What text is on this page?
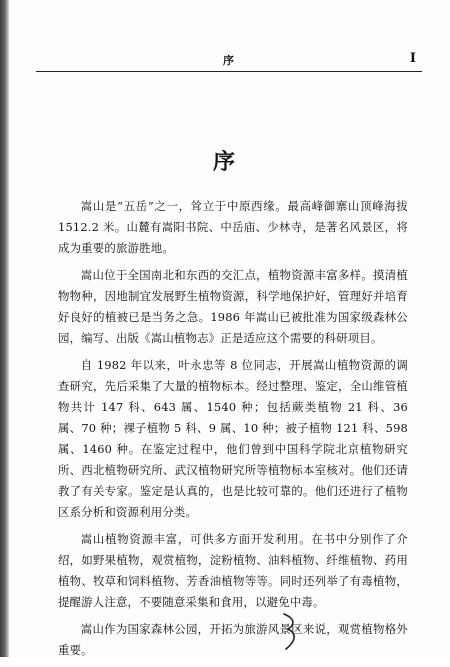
序	I
序

嵩山是“五岳”之一，耸立于中原西缘。最高峰御寨山顶峰海拔 1512.2 米。山麓有嵩阳书院、中岳庙、少林寺，是著名风景区，将成为重要的旅游胜地。

嵩山位于全国南北和东西的交汇点，植物资源丰富多样。摸清植物物种，因地制宜发展野生植物资源，科学地保护好，管理好并培育好良好的植被已是当务之急。1986 年嵩山已被批准为国家级森林公园，编写、出版《嵩山植物志》正是适应这个需要的科研项目。

自 1982 年以来，叶永忠等 8 位同志，开展嵩山植物资源的调查研究，先后采集了大量的植物标本。经过整理、鉴定，全山维管植物共计 147 科、643 属、1540 种；包括蕨类植物 21 科、36 属、70 种；裸子植物 5 科、9 属、10 种；被子植物 121 科、598 属、1460 种。在鉴定过程中，他们曾到中国科学院北京植物研究所、西北植物研究所、武汉植物研究所等植物标本室核对。他们还请教了有关专家。鉴定是认真的，也是比较可靠的。他们还进行了植物区系分析和资源利用分类。

嵩山植物资源丰富，可供多方面开发利用。在书中分别作了介绍，如野果植物，观赏植物，淀粉植物、油料植物、纤维植物、药用植物、牧草和饲料植物、芳香油植物等等。同时还列举了有毒植物，提醒游人注意，不要随意采集和食用，以避免中毒。

嵩山作为国家森林公园，开拓为旅游风景区来说，观赏植物格外重要。
